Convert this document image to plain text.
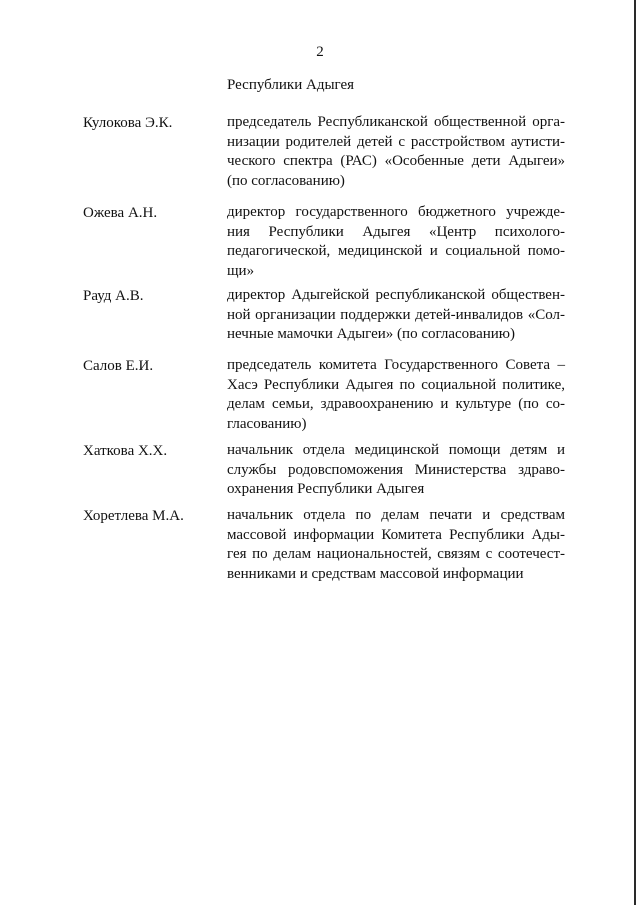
2
Республики Адыгея
Кулокова Э.К.	председатель Республиканской общественной орга-
низации родителей детей с расстройством аутисти-
ческого спектра (РАС) «Особенные дети Адыгеи»
(по согласованию)
Ожева А.Н.	директор государственного бюджетного учрежде-
ния Республики Адыгея «Центр психолого-
педагогической, медицинской и социальной помо-
щи»
Рауд А.В.	директор Адыгейской республиканской обществен-
ной организации поддержки детей-инвалидов «Сол-
нечные мамочки Адыгеи» (по согласованию)
Салов Е.И.	председатель комитета Государственного Совета –
Хасэ Республики Адыгея по социальной политике,
делам семьи, здравоохранению и культуре (по со-
гласованию)
Хаткова Х.Х.	начальник отдела медицинской помощи детям и
службы родовспоможения Министерства здраво-
охранения Республики Адыгея
Хоретлева М.А.	начальник отдела по делам печати и средствам
массовой информации Комитета Республики Ады-
гея по делам национальностей, связям с соотечест-
венниками и средствам массовой информации
